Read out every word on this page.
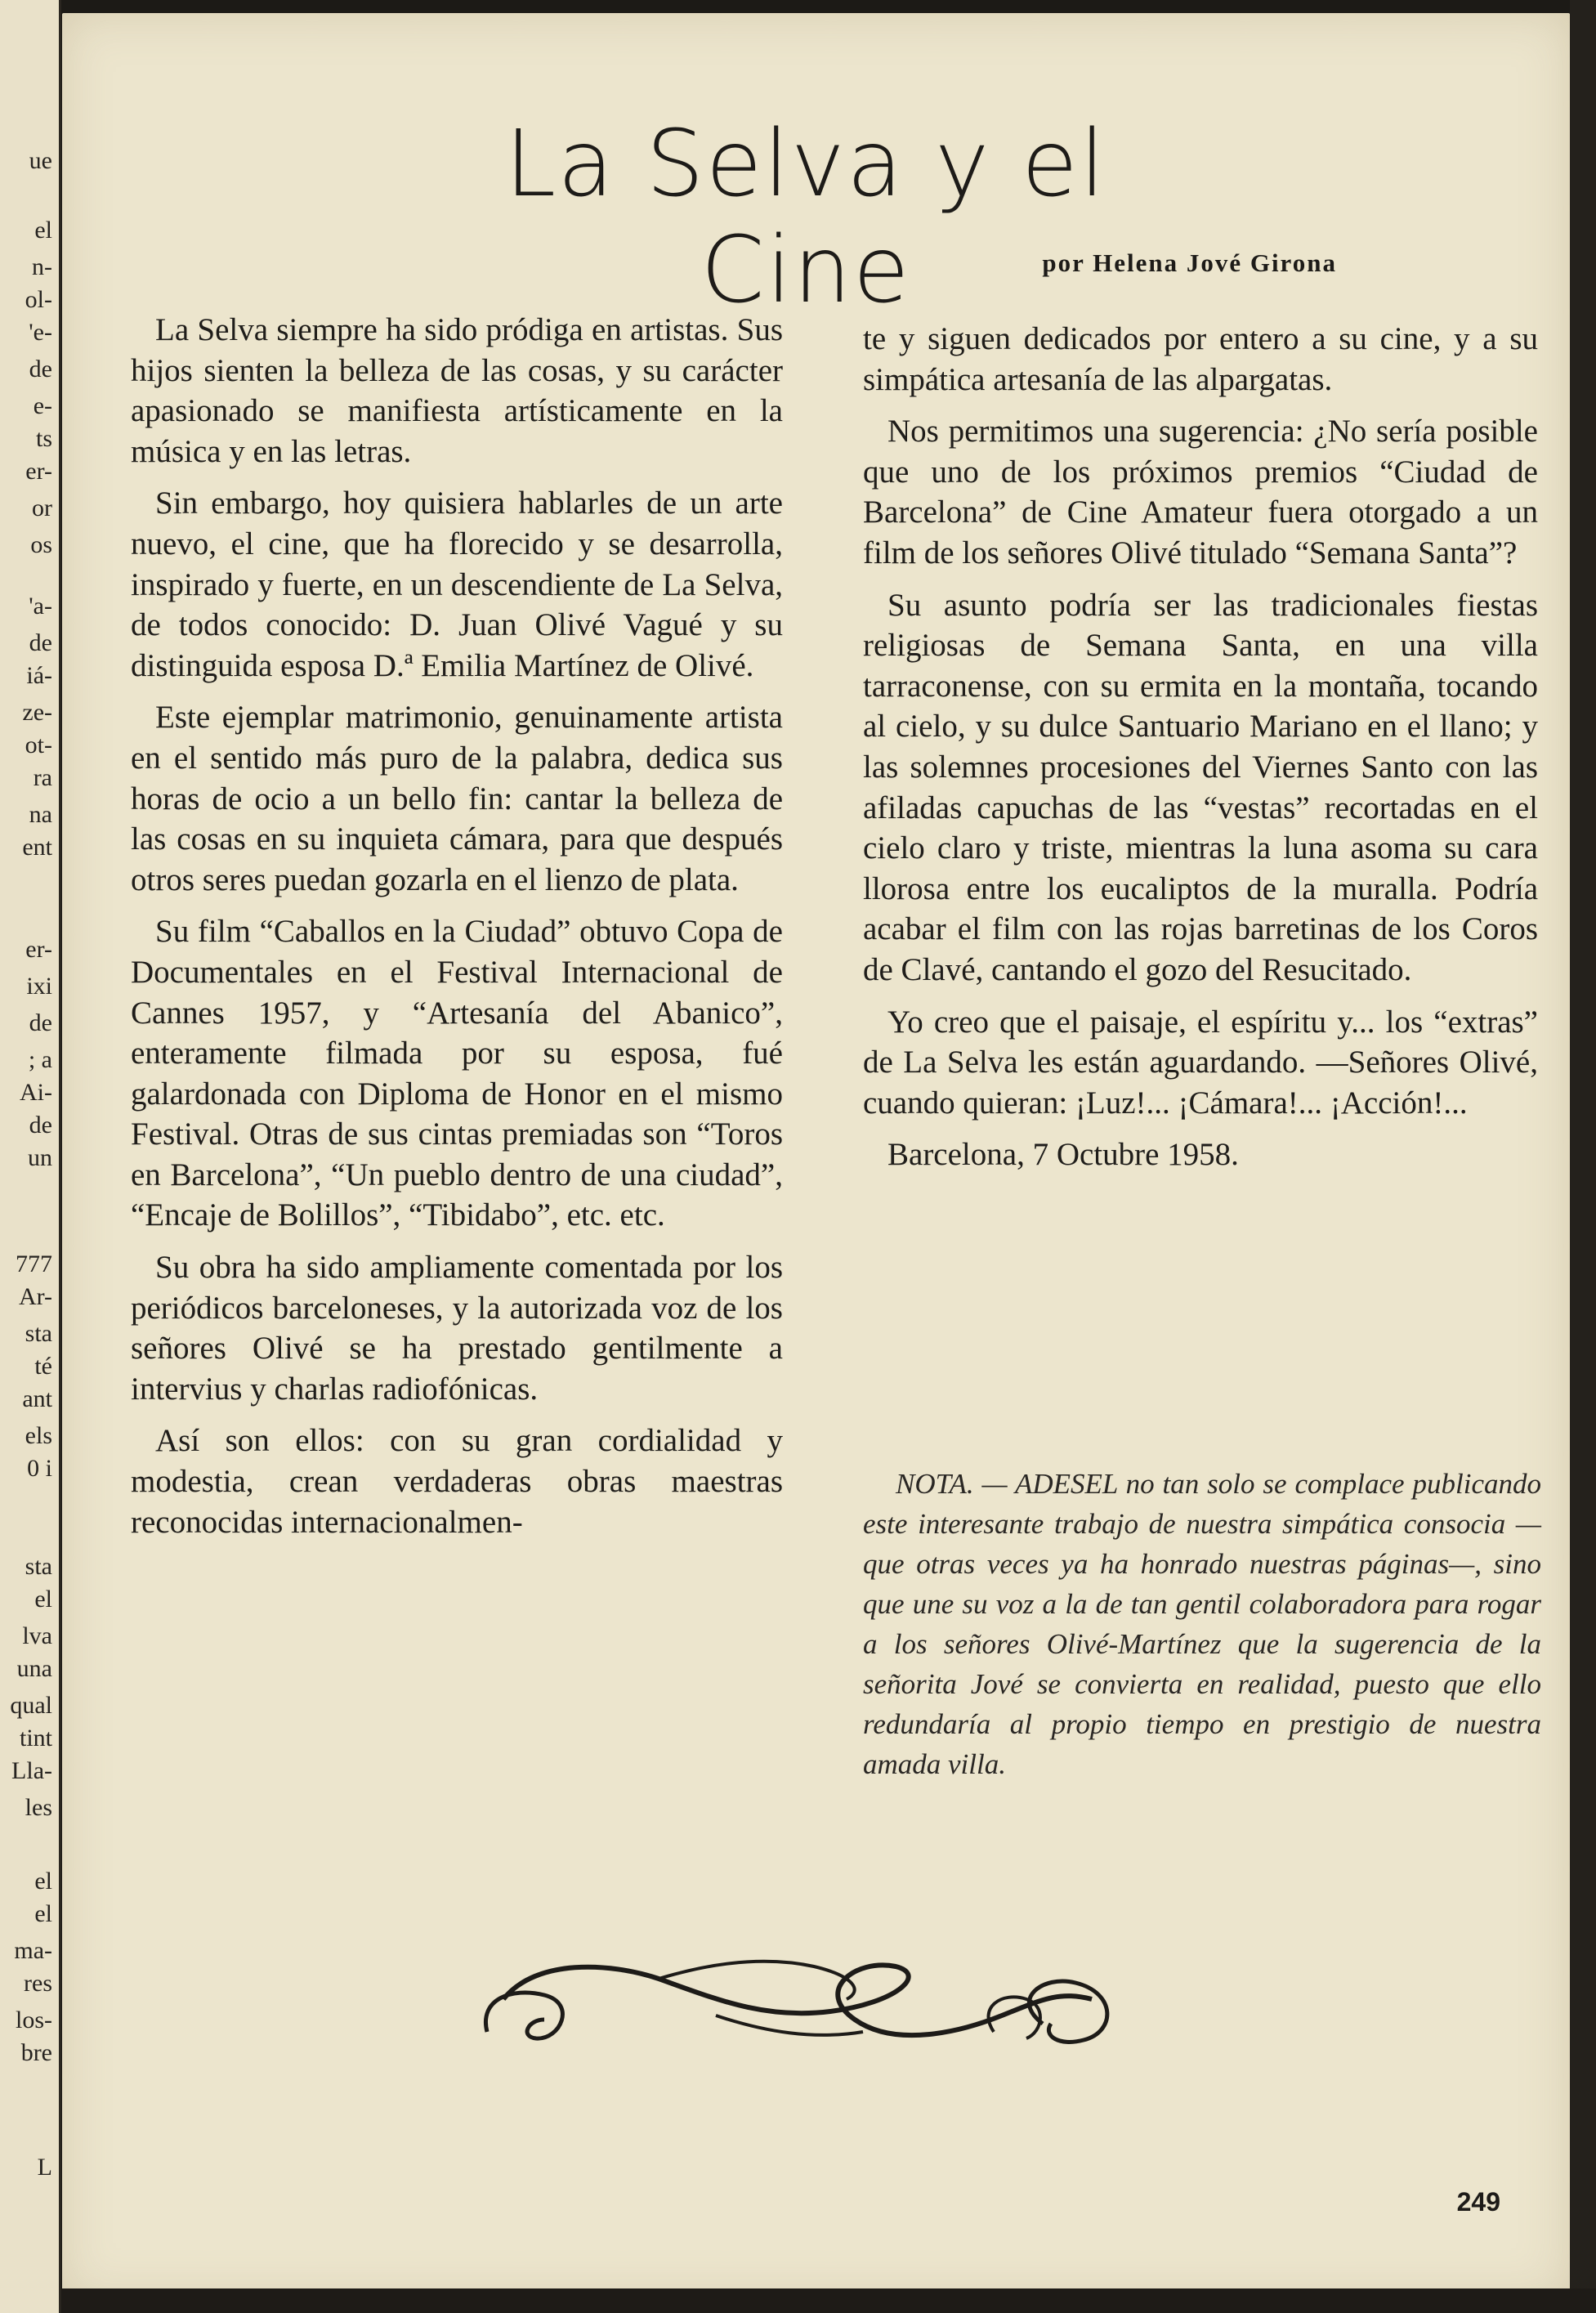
ue
el
n-
ol-
'e-
de
e-
ts
er-
or
os
'a-
de
iá-
ze-
ot-
ra
na
ent
er-
ixi
de
; a
Ai-
de
un
777
Ar-
sta
té
ant
els
0 i
sta
el
lva
una
qual
tint
Lla-
les
el
el
ma-
res
los-
bre
L
La Selva y el Cine	por Helena Jové Girona

La Selva siempre ha sido pródiga en artistas. Sus hijos sienten la belleza de las cosas, y su carácter apasionado se manifiesta artísticamente en la música y en las letras.

Sin embargo, hoy quisiera hablarles de un arte nuevo, el cine, que ha florecido y se desarrolla, inspirado y fuerte, en un descendiente de La Selva, de todos conocido: D. Juan Olivé Vagué y su distinguida esposa D.ª Emilia Martínez de Olivé.

Este ejemplar matrimonio, genuinamente artista en el sentido más puro de la palabra, dedica sus horas de ocio a un bello fin: cantar la belleza de las cosas en su inquieta cámara, para que después otros seres puedan gozarla en el lienzo de plata.

Su film “Caballos en la Ciudad” obtuvo Copa de Documentales en el Festival Internacional de Cannes 1957, y “Artesanía del Abanico”, enteramente filmada por su esposa, fué galardonada con Diploma de Honor en el mismo Festival. Otras de sus cintas premiadas son “Toros en Barcelona”, “Un pueblo dentro de una ciudad”, “Encaje de Bolillos”, “Tibidabo”, etc. etc.

Su obra ha sido ampliamente comentada por los periódicos barceloneses, y la autorizada voz de los señores Olivé se ha prestado gentilmente a intervius y charlas radiofónicas.

Así son ellos: con su gran cordialidad y modestia, crean verdaderas obras maestras reconocidas internacionalmen-

te y siguen dedicados por entero a su cine, y a su simpática artesanía de las alpargatas.

Nos permitimos una sugerencia: ¿No sería posible que uno de los próximos premios “Ciudad de Barcelona” de Cine Amateur fuera otorgado a un film de los señores Olivé titulado “Semana Santa”?

Su asunto podría ser las tradicionales fiestas religiosas de Semana Santa, en una villa tarraconense, con su ermita en la montaña, tocando al cielo, y su dulce Santuario Mariano en el llano; y las solemnes procesiones del Viernes Santo con las afiladas capuchas de las “vestas” recortadas en el cielo claro y triste, mientras la luna asoma su cara llorosa entre los eucaliptos de la muralla. Podría acabar el film con las rojas barretinas de los Coros de Clavé, cantando el gozo del Resucitado.

Yo creo que el paisaje, el espíritu y... los “extras” de La Selva les están aguardando. —Señores Olivé, cuando quieran: ¡Luz!... ¡Cámara!... ¡Acción!...

Barcelona, 7 Octubre 1958.

NOTA. — ADESEL no tan solo se complace publicando este interesante trabajo de nuestra simpática consocia —que otras veces ya ha honrado nuestras páginas—, sino que une su voz a la de tan gentil colaboradora para rogar a los señores Olivé-Martínez que la sugerencia de la señorita Jové se convierta en realidad, puesto que ello redundaría al propio tiempo en prestigio de nuestra amada villa.
249
